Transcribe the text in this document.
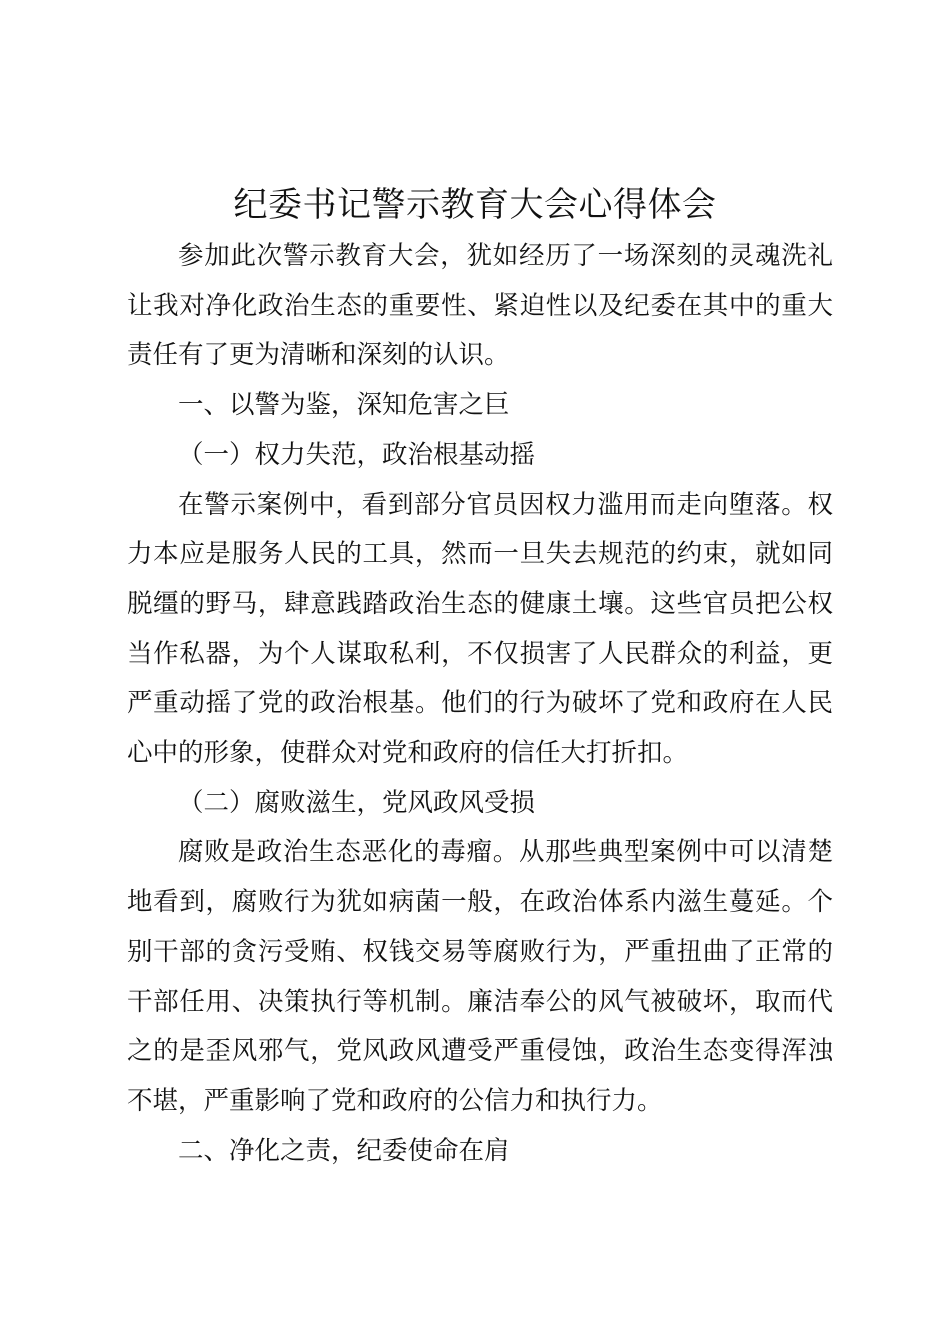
纪委书记警示教育大会心得体会

参加此次警示教育大会，犹如经历了一场深刻的灵魂洗礼让我对净化政治生态的重要性、紧迫性以及纪委在其中的重大责任有了更为清晰和深刻的认识。

一、以警为鉴，深知危害之巨

（一）权力失范，政治根基动摇

在警示案例中，看到部分官员因权力滥用而走向堕落。权力本应是服务人民的工具，然而一旦失去规范的约束，就如同脱缰的野马，肆意践踏政治生态的健康土壤。这些官员把公权当作私器，为个人谋取私利，不仅损害了人民群众的利益，更严重动摇了党的政治根基。他们的行为破坏了党和政府在人民心中的形象，使群众对党和政府的信任大打折扣。

（二）腐败滋生，党风政风受损

腐败是政治生态恶化的毒瘤。从那些典型案例中可以清楚地看到，腐败行为犹如病菌一般，在政治体系内滋生蔓延。个别干部的贪污受贿、权钱交易等腐败行为，严重扭曲了正常的干部任用、决策执行等机制。廉洁奉公的风气被破坏，取而代之的是歪风邪气，党风政风遭受严重侵蚀，政治生态变得浑浊不堪，严重影响了党和政府的公信力和执行力。

二、净化之责，纪委使命在肩
